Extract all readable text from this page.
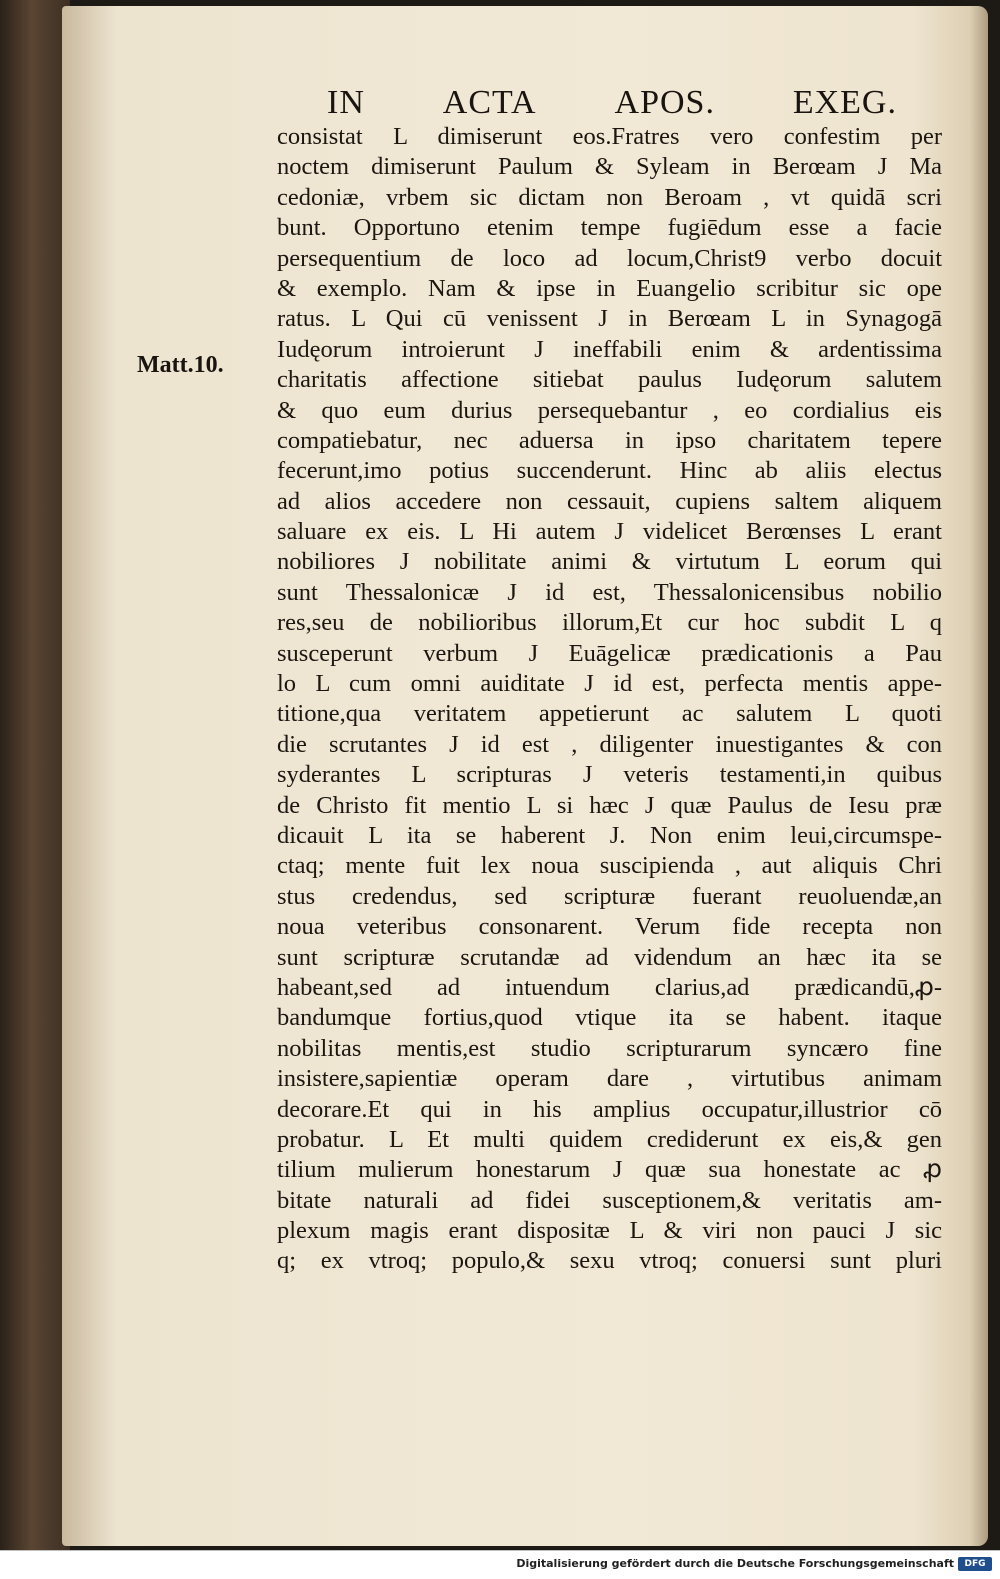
IN ACTA APOS. EXEG.
Matt.10.
consistat L dimiserunt eos.Fratres vero confestim per
noctem dimiserunt Paulum & Syleam in Berœam J Ma
cedoniæ, vrbem sic dictam non Beroam , vt quidā scri
bunt. Opportuno etenim tempe fugiēdum esse a facie
persequentium de loco ad locum,Christ9 verbo docuit
& exemplo. Nam & ipse in Euangelio scribitur sic ope
ratus. L Qui cū venissent J in Berœam L in Synagogā
Iudęorum introierunt J ineffabili enim & ardentissima
charitatis affectione sitiebat paulus Iudęorum salutem
& quo eum durius persequebantur , eo cordialius eis
compatiebatur, nec aduersa in ipso charitatem tepere
fecerunt,imo potius succenderunt. Hinc ab aliis electus
ad alios accedere non cessauit, cupiens saltem aliquem
saluare ex eis. L Hi autem J videlicet Berœnses L erant
nobiliores J nobilitate animi & virtutum L eorum qui
sunt Thessalonicæ J id est, Thessalonicensibus nobilio
res,seu de nobilioribus illorum,Et cur hoc subdit L q
susceperunt verbum J Euāgelicæ prædicationis a Pau
lo L cum omni auiditate J id est, perfecta mentis appe-
titione,qua veritatem appetierunt ac salutem L quoti
die scrutantes J id est , diligenter inuestigantes & con
syderantes L scripturas J veteris testamenti,in quibus
de Christo fit mentio L si hæc J quæ Paulus de Iesu præ
dicauit L ita se haberent J. Non enim leui,circumspe-
ctaq; mente fuit lex noua suscipienda , aut aliquis Chri
stus credendus, sed scripturæ fuerant reuoluendæ,an
noua veteribus consonarent. Verum fide recepta non
sunt scripturæ scrutandæ ad videndum an hæc ita se
habeant,sed ad intuendum clarius,ad prædicandū,ꝓ-
bandumque fortius,quod vtique ita se habent. itaque
nobilitas mentis,est studio scripturarum syncæro fine
insistere,sapientiæ operam dare , virtutibus animam
decorare.Et qui in his amplius occupatur,illustrior cō
probatur. L Et multi quidem crediderunt ex eis,& gen
tilium mulierum honestarum J quæ sua honestate ac ꝓ
bitate naturali ad fidei susceptionem,& veritatis am-
plexum magis erant dispositæ L & viri non pauci J sic
q; ex vtroq; populo,& sexu vtroq; conuersi sunt pluri
Digitalisierung gefördert durch die Deutsche Forschungsgemeinschaft	DFG
